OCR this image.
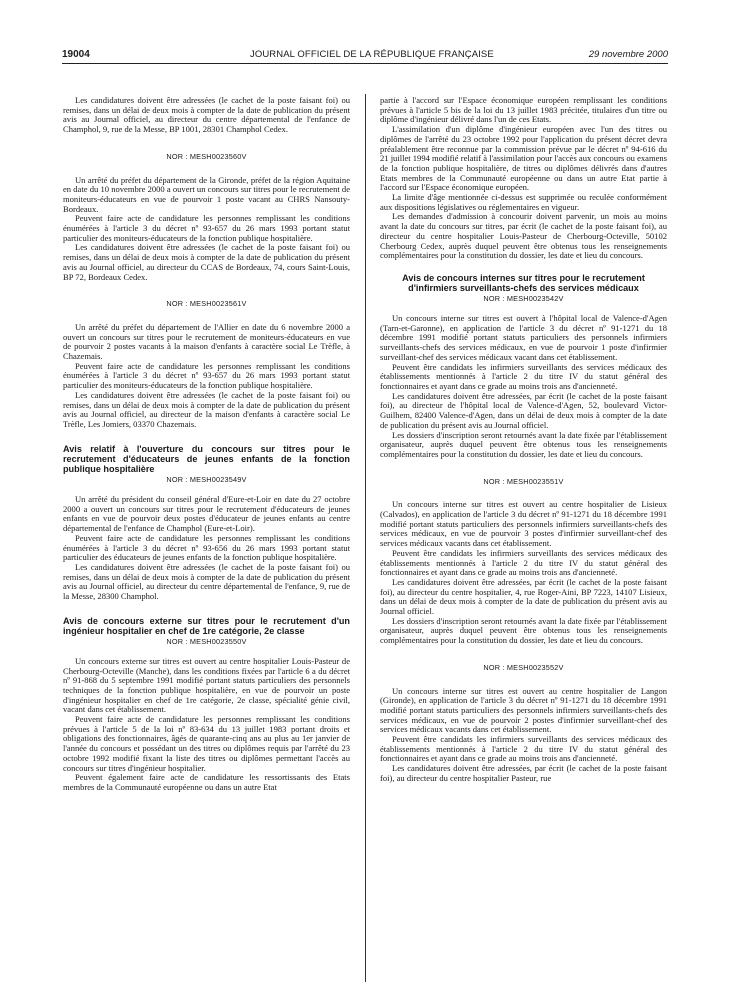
19004	JOURNAL OFFICIEL DE LA RÉPUBLIQUE FRANÇAISE	29 novembre 2000

Les candidatures doivent être adressées (le cachet de la poste faisant foi) ou remises, dans un délai de deux mois à compter de la date de publication du présent avis au Journal officiel, au directeur du centre départemental de l'enfance de Champhol, 9, rue de la Messe, BP 1001, 28301 Champhol Cedex.

NOR : MESH0023560V

Un arrêté du préfet du département de la Gironde, préfet de la région Aquitaine en date du 10 novembre 2000 a ouvert un concours sur titres pour le recrutement de moniteurs-éducateurs en vue de pourvoir 1 poste vacant au CHRS Nansouty-Bordeaux.

Peuvent faire acte de candidature les personnes remplissant les conditions énumérées à l'article 3 du décret nº 93-657 du 26 mars 1993 portant statut particulier des moniteurs-éducateurs de la fonction publique hospitalière.

Les candidatures doivent être adressées (le cachet de la poste faisant foi) ou remises, dans un délai de deux mois à compter de la date de publication du présent avis au Journal officiel, au directeur du CCAS de Bordeaux, 74, cours Saint-Louis, BP 72, Bordeaux Cedex.

NOR : MESH0023561V

Un arrêté du préfet du département de l'Allier en date du 6 novembre 2000 a ouvert un concours sur titres pour le recrutement de moniteurs-éducateurs en vue de pourvoir 2 postes vacants à la maison d'enfants à caractère social Le Trèfle, à Chazemais.

Peuvent faire acte de candidature les personnes remplissant les conditions énumérées à l'article 3 du décret nº 93-657 du 26 mars 1993 portant statut particulier des moniteurs-éducateurs de la fonction publique hospitalière.

Les candidatures doivent être adressées (le cachet de la poste faisant foi) ou remises, dans un délai de deux mois à compter de la date de publication du présent avis au Journal officiel, au directeur de la maison d'enfants à caractère social Le Trèfle, Les Jomiers, 03370 Chazemais.

Avis relatif à l'ouverture du concours sur titres pour le recrutement d'éducateurs de jeunes enfants de la fonction publique hospitalière
NOR : MESH0023549V

Un arrêté du président du conseil général d'Eure-et-Loir en date du 27 octobre 2000 a ouvert un concours sur titres pour le recrutement d'éducateurs de jeunes enfants en vue de pourvoir deux postes d'éducateur de jeunes enfants au centre départemental de l'enfance de Champhol (Eure-et-Loir).

Peuvent faire acte de candidature les personnes remplissant les conditions énumérées à l'article 3 du décret nº 93-656 du 26 mars 1993 portant statut particulier des éducateurs de jeunes enfants de la fonction publique hospitalière.

Les candidatures doivent être adressées (le cachet de la poste faisant foi) ou remises, dans un délai de deux mois à compter de la date de publication du présent avis au Journal officiel, au directeur du centre départemental de l'enfance, 9, rue de la Messe, 28300 Champhol.

Avis de concours externe sur titres pour le recrutement d'un ingénieur hospitalier en chef de 1re catégorie, 2e classe
NOR : MESH0023550V

Un concours externe sur titres est ouvert au centre hospitalier Louis-Pasteur de Cherbourg-Octeville (Manche), dans les conditions fixées par l'article 6 a du décret nº 91-868 du 5 septembre 1991 modifié portant statuts particuliers des personnels techniques de la fonction publique hospitalière, en vue de pourvoir un poste d'ingénieur hospitalier en chef de 1re catégorie, 2e classe, spécialité génie civil, vacant dans cet établissement.

Peuvent faire acte de candidature les personnes remplissant les conditions prévues à l'article 5 de la loi nº 83-634 du 13 juillet 1983 portant droits et obligations des fonctionnaires, âgés de quarante-cinq ans au plus au 1er janvier de l'année du concours et possédant un des titres ou diplômes requis par l'arrêté du 23 octobre 1992 modifié fixant la liste des titres ou diplômes permettant l'accès au concours sur titres d'ingénieur hospitalier.

Peuvent également faire acte de candidature les ressortissants des Etats membres de la Communauté européenne ou dans un autre Etat

partie à l'accord sur l'Espace économique européen remplissant les conditions prévues à l'article 5 bis de la loi du 13 juillet 1983 précitée, titulaires d'un titre ou diplôme d'ingénieur délivré dans l'un de ces Etats.

L'assimilation d'un diplôme d'ingénieur européen avec l'un des titres ou diplômes de l'arrêté du 23 octobre 1992 pour l'application du présent décret devra préalablement être reconnue par la commission prévue par le décret nº 94-616 du 21 juillet 1994 modifié relatif à l'assimilation pour l'accès aux concours ou examens de la fonction publique hospitalière, de titres ou diplômes délivrés dans d'autres Etats membres de la Communauté européenne ou dans un autre Etat partie à l'accord sur l'Espace économique européen.

La limite d'âge mentionnée ci-dessus est supprimée ou reculée conformément aux dispositions législatives ou réglementaires en vigueur.

Les demandes d'admission à concourir doivent parvenir, un mois au moins avant la date du concours sur titres, par écrit (le cachet de la poste faisant foi), au directeur du centre hospitalier Louis-Pasteur de Cherbourg-Octeville, 50102 Cherbourg Cedex, auprès duquel peuvent être obtenus tous les renseignements complémentaires pour la constitution du dossier, les date et lieu du concours.

Avis de concours internes sur titres pour le recrutement d'infirmiers surveillants-chefs des services médicaux
NOR : MESH0023542V

Un concours interne sur titres est ouvert à l'hôpital local de Valence-d'Agen (Tarn-et-Garonne), en application de l'article 3 du décret nº 91-1271 du 18 décembre 1991 modifié portant statuts particuliers des personnels infirmiers surveillants-chefs des services médicaux, en vue de pourvoir 1 poste d'infirmier surveillant-chef des services médicaux vacant dans cet établissement.

Peuvent être candidats les infirmiers surveillants des services médicaux des établissements mentionnés à l'article 2 du titre IV du statut général des fonctionnaires et ayant dans ce grade au moins trois ans d'ancienneté.

Les candidatures doivent être adressées, par écrit (le cachet de la poste faisant foi), au directeur de l'hôpital local de Valence-d'Agen, 52, boulevard Victor-Guilhem, 82400 Valence-d'Agen, dans un délai de deux mois à compter de la date de publication du présent avis au Journal officiel.

Les dossiers d'inscription seront retournés avant la date fixée par l'établissement organisateur, auprès duquel peuvent être obtenus tous les renseignements complémentaires pour la constitution du dossier, les date et lieu du concours.

NOR : MESH0023551V

Un concours interne sur titres est ouvert au centre hospitalier de Lisieux (Calvados), en application de l'article 3 du décret nº 91-1271 du 18 décembre 1991 modifié portant statuts particuliers des personnels infirmiers surveillants-chefs des services médicaux, en vue de pourvoir 3 postes d'infirmier surveillant-chef des services médicaux vacants dans cet établissement.

Peuvent être candidats les infirmiers surveillants des services médicaux des établissements mentionnés à l'article 2 du titre IV du statut général des fonctionnaires et ayant dans ce grade au moins trois ans d'ancienneté.

Les candidatures doivent être adressées, par écrit (le cachet de la poste faisant foi), au directeur du centre hospitalier, 4, rue Roger-Aini, BP 7223, 14107 Lisieux, dans un délai de deux mois à compter de la date de publication du présent avis au Journal officiel.

Les dossiers d'inscription seront retournés avant la date fixée par l'établissement organisateur, auprès duquel peuvent être obtenus tous les renseignements complémentaires pour la constitution du dossier, les date et lieu du concours.

NOR : MESH0023552V

Un concours interne sur titres est ouvert au centre hospitalier de Langon (Gironde), en application de l'article 3 du décret nº 91-1271 du 18 décembre 1991 modifié portant statuts particuliers des personnels infirmiers surveillants-chefs des services médicaux, en vue de pourvoir 2 postes d'infirmier surveillant-chef des services médicaux vacants dans cet établissement.

Peuvent être candidats les infirmiers surveillants des services médicaux des établissements mentionnés à l'article 2 du titre IV du statut général des fonctionnaires et ayant dans ce grade au moins trois ans d'ancienneté.

Les candidatures doivent être adressées, par écrit (le cachet de la poste faisant foi), au directeur du centre hospitalier Pasteur, rue
